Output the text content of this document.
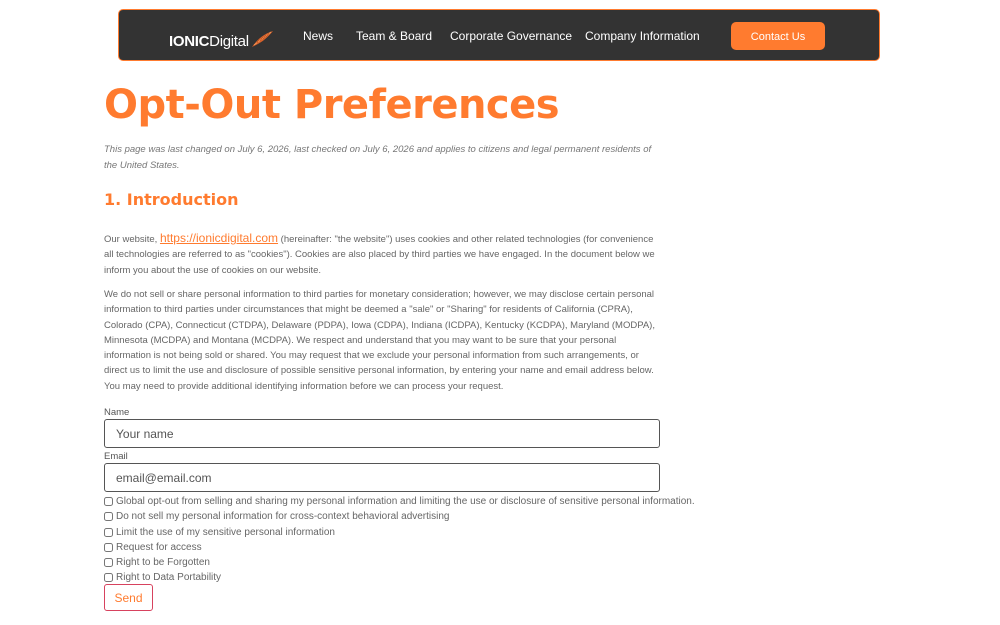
IONICDigital	News Team & Board Corporate Governance Company Information	Contact Us
Opt-Out Preferences

This page was last changed on July 6, 2026, last checked on July 6, 2026 and applies to citizens and legal permanent residents of the United States.

1. Introduction

Our website, https://ionicdigital.com (hereinafter: "the website") uses cookies and other related technologies (for convenience all technologies are referred to as "cookies"). Cookies are also placed by third parties we have engaged. In the document below we inform you about the use of cookies on our website.

We do not sell or share personal information to third parties for monetary consideration; however, we may disclose certain personal information to third parties under circumstances that might be deemed a "sale" or "Sharing" for residents of California (CPRA), Colorado (CPA), Connecticut (CTDPA), Delaware (PDPA), Iowa (CDPA), Indiana (ICDPA), Kentucky (KCDPA), Maryland (MODPA), Minnesota (MCDPA) and Montana (MCDPA). We respect and understand that you may want to be sure that your personal information is not being sold or shared. You may request that we exclude your personal information from such arrangements, or direct us to limit the use and disclosure of possible sensitive personal information, by entering your name and email address below. You may need to provide additional identifying information before we can process your request.

Name
Your name
Email
email@email.com
Global opt-out from selling and sharing my personal information and limiting the use or disclosure of sensitive personal information.
Do not sell my personal information for cross-context behavioral advertising
Limit the use of my sensitive personal information
Request for access
Right to be Forgotten
Right to Data Portability
Send
